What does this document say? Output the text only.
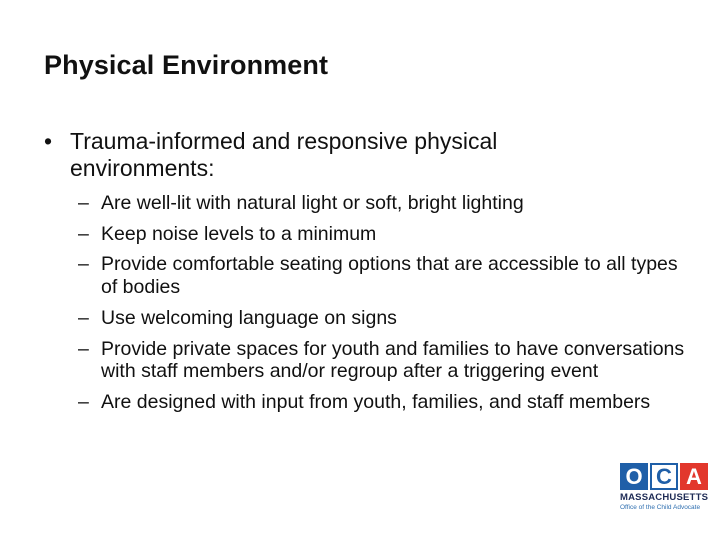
Physical Environment
• Trauma-informed and responsive physical environments:
– Are well-lit with natural light or soft, bright lighting
– Keep noise levels to a minimum
– Provide comfortable seating options that are accessible to all types of bodies
– Use welcoming language on signs
– Provide private spaces for youth and families to have conversations with staff members and/or regroup after a triggering event
– Are designed with input from youth, families, and staff members
O C A
MASSACHUSETTS
Office of the Child Advocate
